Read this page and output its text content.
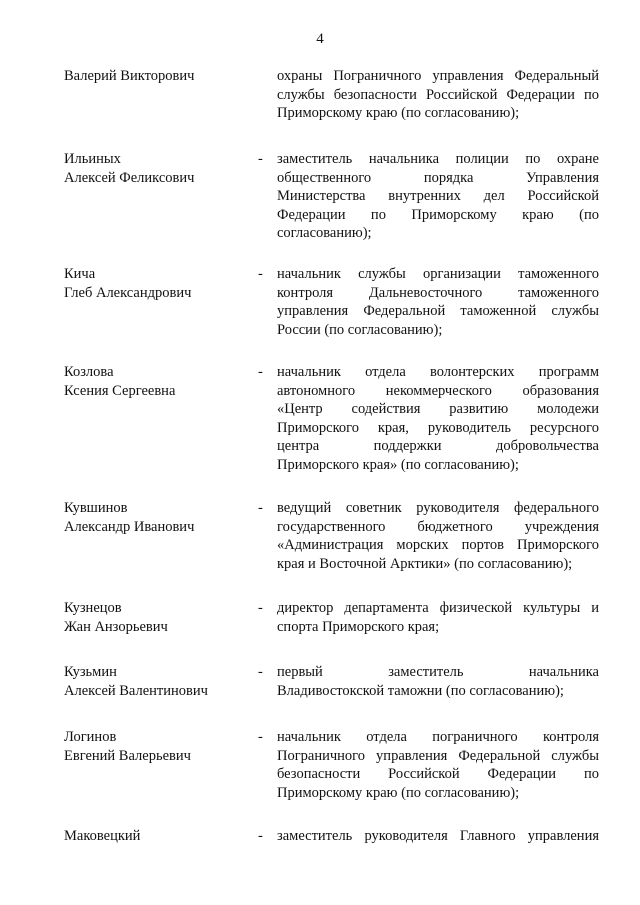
4
Валерий Викторович	охраны Пограничного управления Федеральный
службы безопасности Российской Федерации по
Приморскому краю (по согласованию);
Ильиных
Алексей Феликсович
- заместитель начальника полиции по охране
общественного порядка Управления
Министерства внутренних дел Российской
Федерации по Приморскому краю (по
согласованию);
Кича
Глеб Александрович
- начальник службы организации таможенного
контроля Дальневосточного таможенного
управления Федеральной таможенной службы
России (по согласованию);
Козлова
Ксения Сергеевна
- начальник отдела волонтерских программ
автономного некоммерческого образования
«Центр содействия развитию молодежи
Приморского края, руководитель ресурсного
центра поддержки добровольчества
Приморского края» (по согласованию);
Кувшинов
Александр Иванович
- ведущий советник руководителя федерального
государственного бюджетного учреждения
«Администрация морских портов Приморского
края и Восточной Арктики» (по согласованию);
Кузнецов
Жан Анзорьевич
- директор департамента физической культуры и
спорта Приморского края;
Кузьмин
Алексей Валентинович
- первый заместитель начальника
Владивостокской таможни (по согласованию);
Логинов
Евгений Валерьевич
- начальник отдела пограничного контроля
Пограничного управления Федеральной службы
безопасности Российской Федерации по
Приморскому краю (по согласованию);
Маковецкий	- заместитель руководителя Главного управления
